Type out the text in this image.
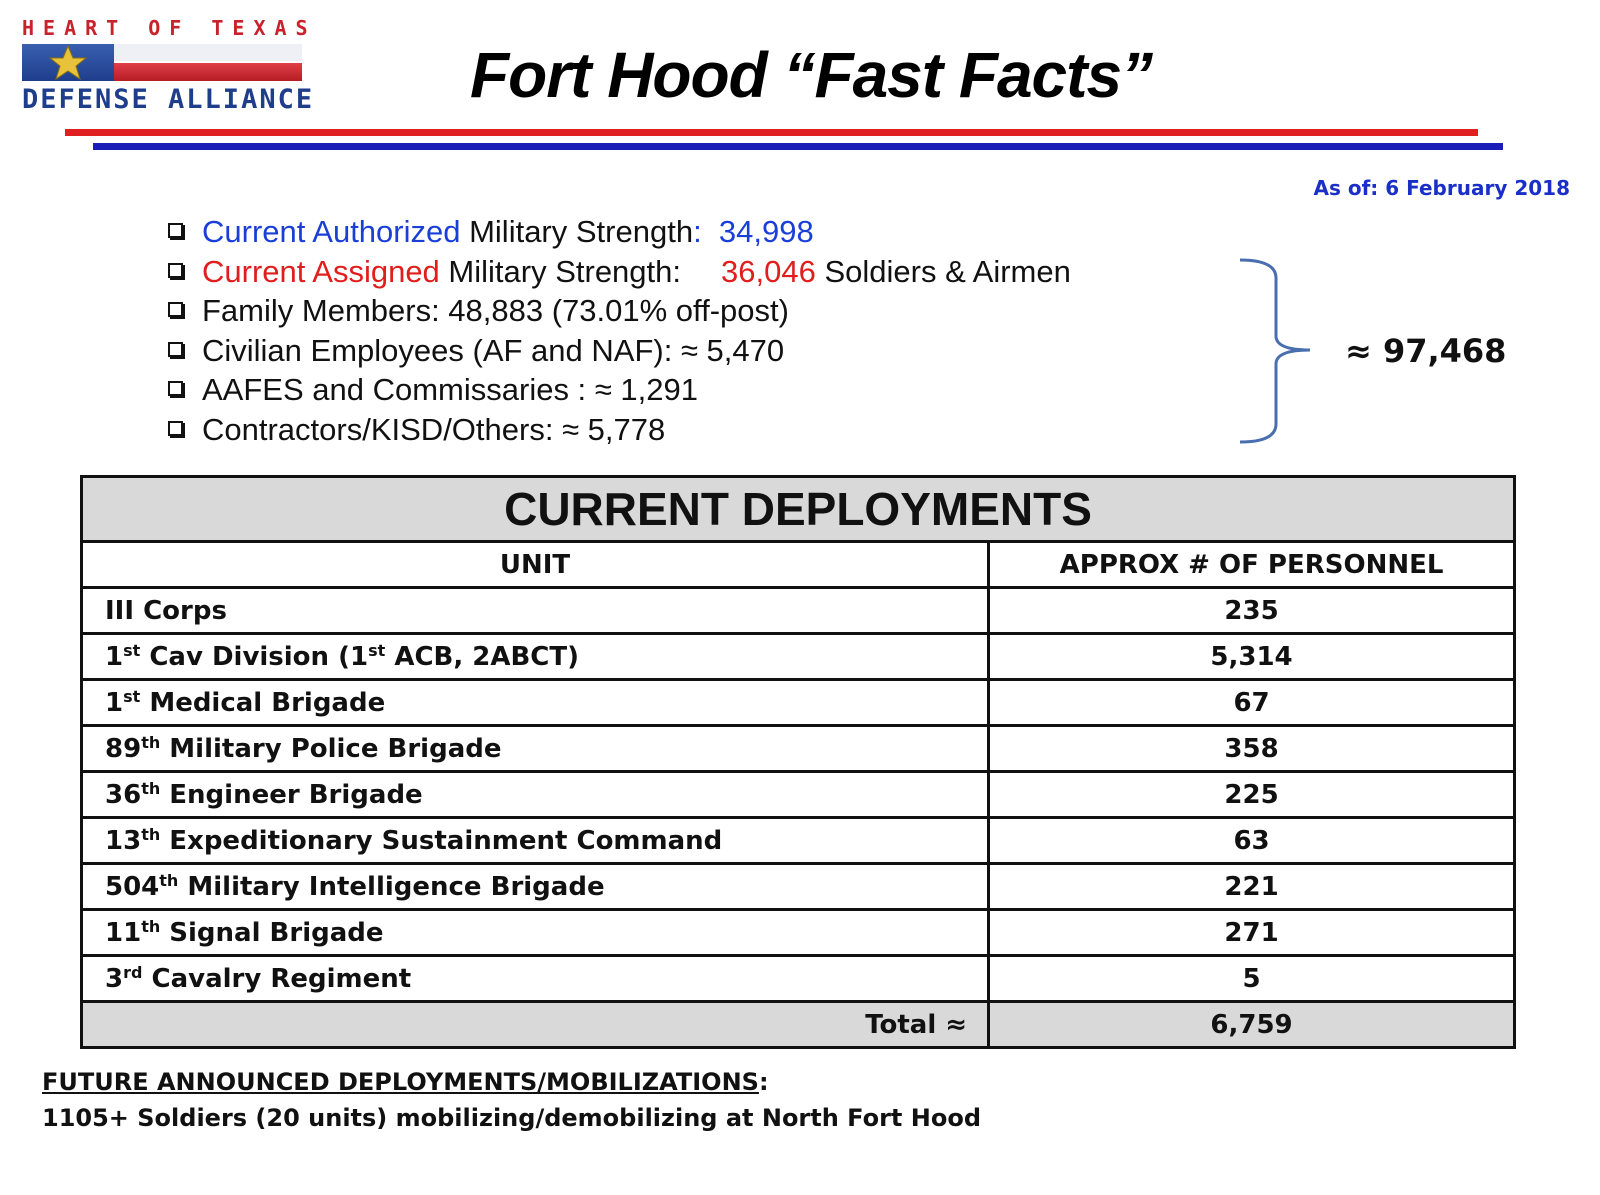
HEART OF TEXAS
DEFENSE ALLIANCE Fort Hood “Fast Facts”
As of: 6 February 2018
Current Authorized Military Strength: 34,998
Current Assigned Military Strength: 36,046 Soldiers & Airmen
Family Members: 48,883 (73.01% off-post)
Civilian Employees (AF and NAF): ≈ 5,470
AAFES and Commissaries : ≈ 1,291
Contractors/KISD/Others: ≈ 5,778
≈ 97,468
CURRENT DEPLOYMENTS	
UNIT	APPROX # OF PERSONNEL
III Corps	235
1st Cav Division (1st ACB, 2ABCT)	5,314
1st Medical Brigade	67
89th Military Police Brigade	358
36th Engineer Brigade	225
13th Expeditionary Sustainment Command	63
504th Military Intelligence Brigade	221
11th Signal Brigade	271
3rd Cavalry Regiment	5
Total ≈	6,759
FUTURE ANNOUNCED DEPLOYMENTS/MOBILIZATIONS:
1105+ Soldiers (20 units) mobilizing/demobilizing at North Fort Hood
